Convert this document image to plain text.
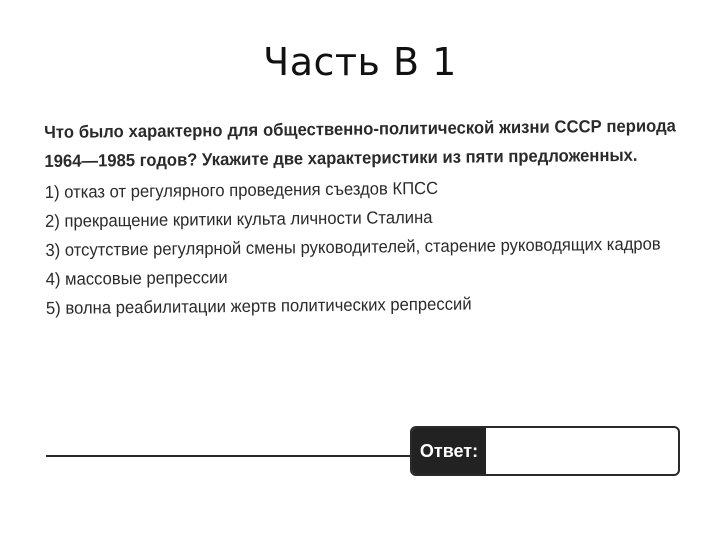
Часть В 1

Что было характерно для общественно-политической жизни СССР периода 1964—1985 годов? Укажите две характеристики из пяти предложенных.

1) отказ от регулярного проведения съездов КПСС
2) прекращение критики культа личности Сталина
3) отсутствие регулярной смены руководителей, старение руководящих кадров
4) массовые репрессии
5) волна реабилитации жертв политических репрессий
Ответ:
